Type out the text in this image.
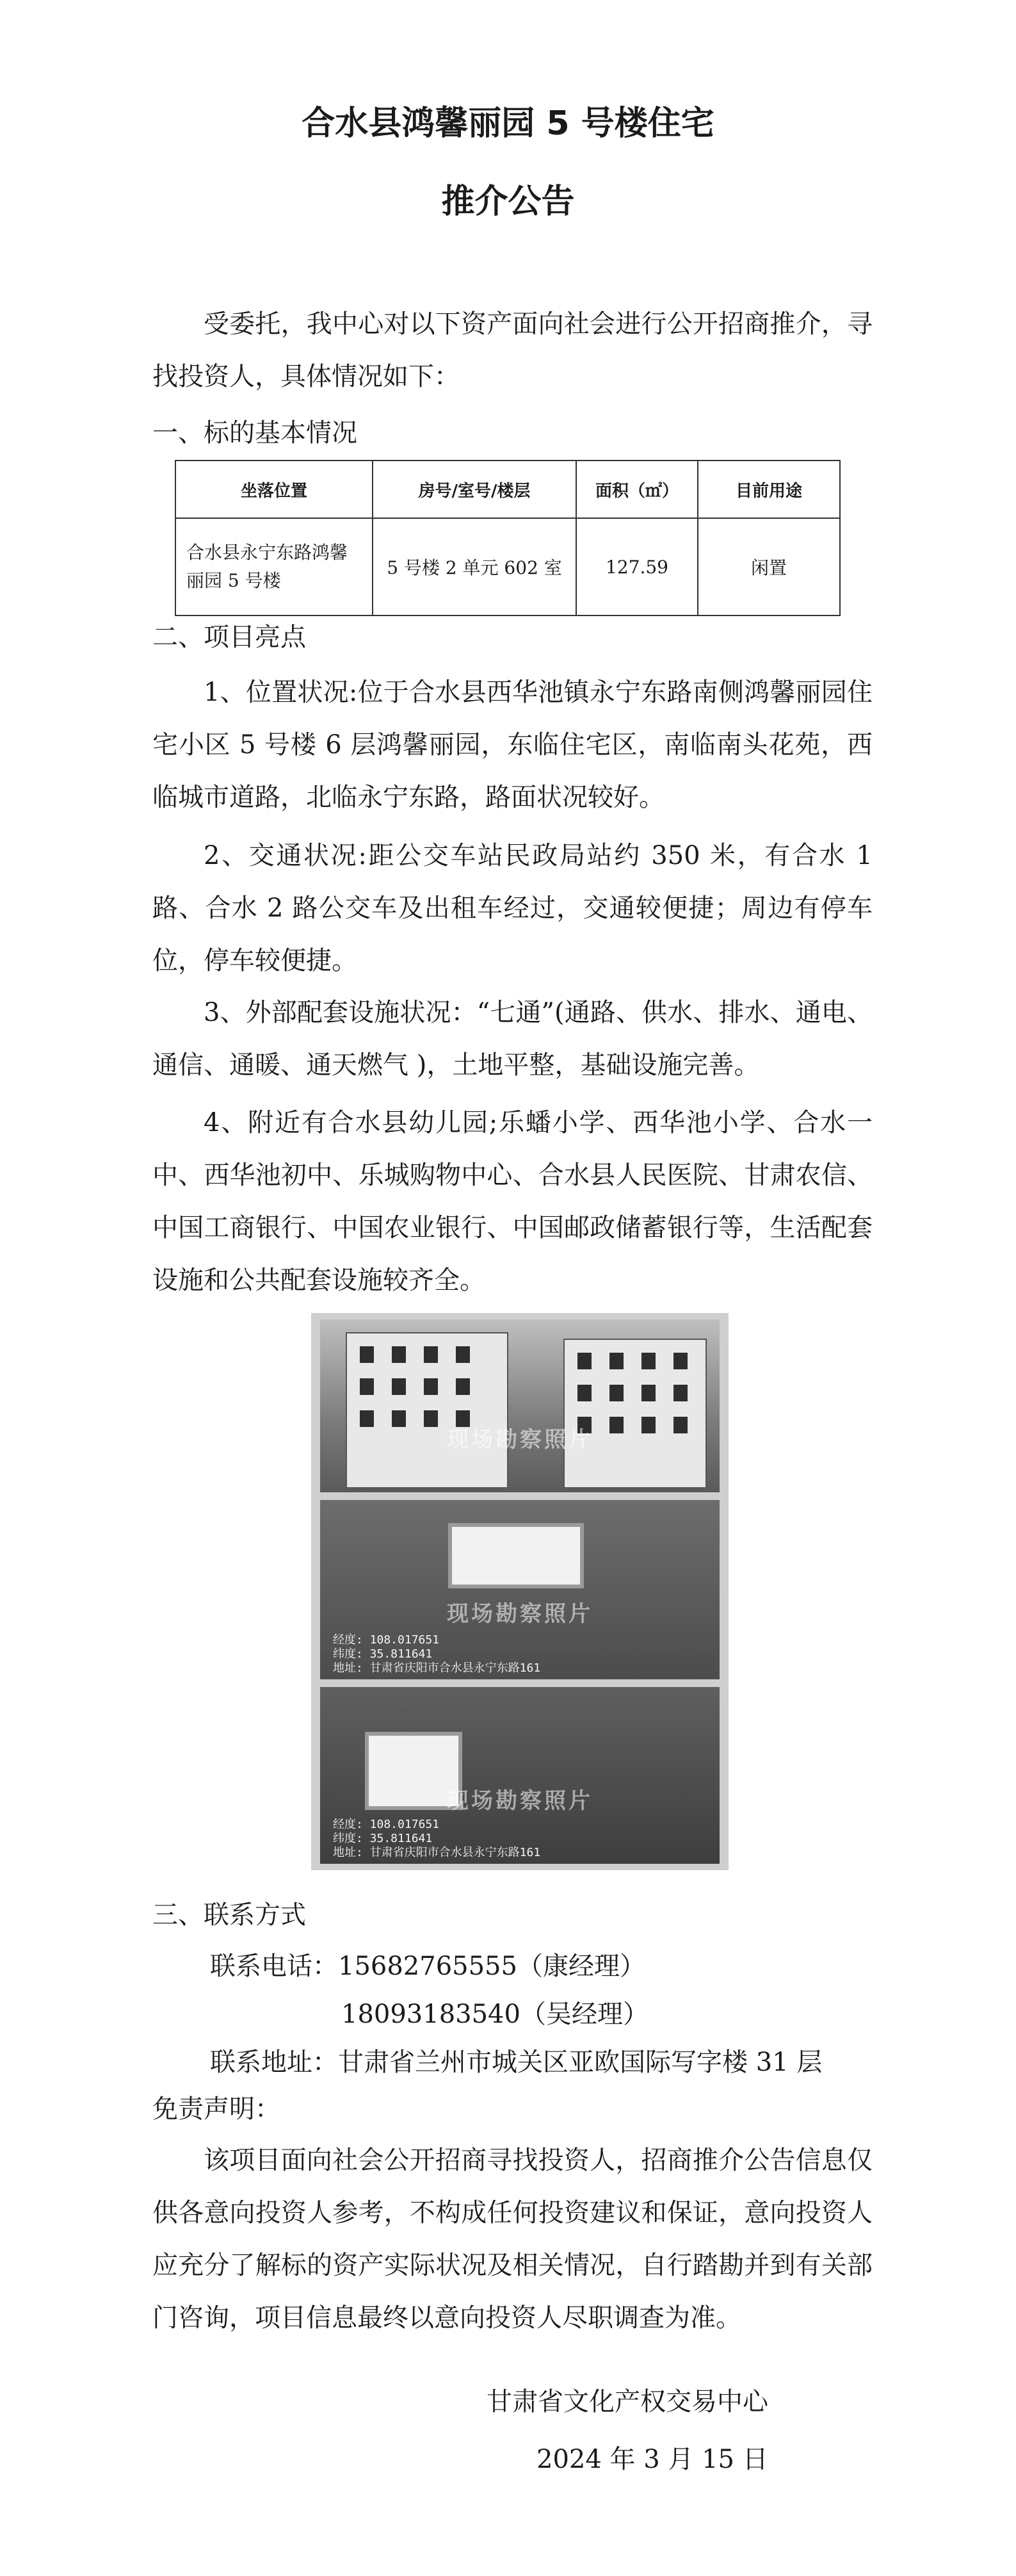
合水县鸿馨丽园 5 号楼住宅
推介公告
受委托，我中心对以下资产面向社会进行公开招商推介，寻找投资人，具体情况如下：
一、标的基本情况
坐落位置	房号/室号/楼层	面积（㎡）	目前用途
合水县永宁东路鸿馨丽园 5 号楼	5 号楼 2 单元 602 室	127.59	闲置
二、项目亮点
1、位置状况:位于合水县西华池镇永宁东路南侧鸿馨丽园住宅小区 5 号楼 6 层鸿馨丽园，东临住宅区，南临南头花苑，西临城市道路，北临永宁东路，路面状况较好。
2、交通状况:距公交车站民政局站约 350 米，有合水 1 路、合水 2 路公交车及出租车经过，交通较便捷；周边有停车位，停车较便捷。
3、外部配套设施状况：“七通”(通路、供水、排水、通电、通信、通暖、通天燃气 )，土地平整，基础设施完善。
4、附近有合水县幼儿园;乐蟠小学、西华池小学、合水一中、西华池初中、乐城购物中心、合水县人民医院、甘肃农信、中国工商银行、中国农业银行、中国邮政储蓄银行等，生活配套设施和公共配套设施较齐全。
现场勘察照片
现场勘察照片
经度: 108.017651
纬度: 35.811641
地址: 甘肃省庆阳市合水县永宁东路161
现场勘察照片
经度: 108.017651
纬度: 35.811641
地址: 甘肃省庆阳市合水县永宁东路161
三、联系方式
联系电话：15682765555（康经理）
18093183540（吴经理）
联系地址：甘肃省兰州市城关区亚欧国际写字楼 31 层
免责声明：
该项目面向社会公开招商寻找投资人，招商推介公告信息仅供各意向投资人参考，不构成任何投资建议和保证，意向投资人应充分了解标的资产实际状况及相关情况，自行踏勘并到有关部门咨询，项目信息最终以意向投资人尽职调查为准。
甘肃省文化产权交易中心
2024 年 3 月 15 日
